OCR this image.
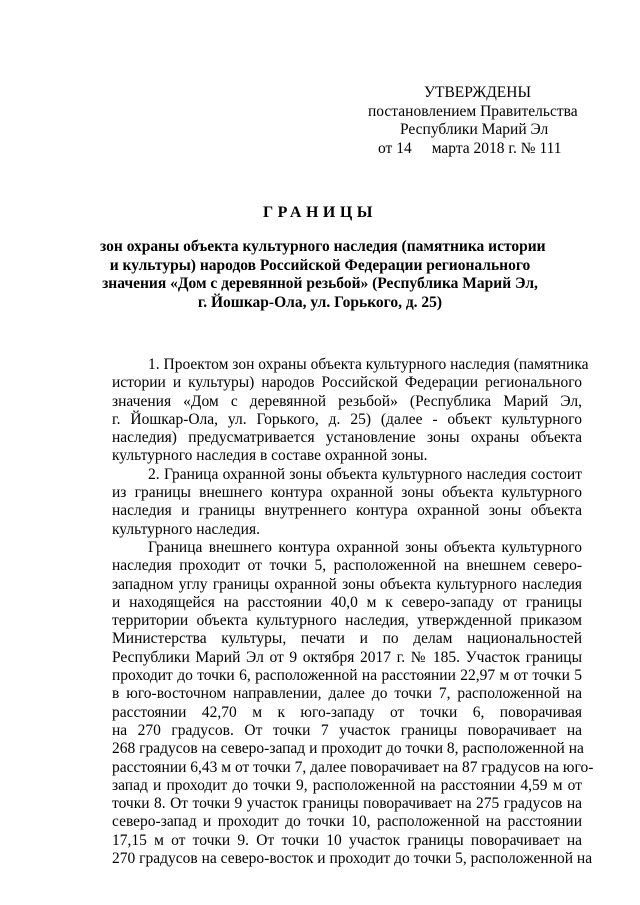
УТВЕРЖДЕНЫ
постановлением Правительства
Республики Марий Эл
от 14 марта 2018 г. № 111
ГРАНИЦЫ
зон охраны объекта культурного наследия (памятника истории
и культуры) народов Российской Федерации регионального
значения «Дом с деревянной резьбой» (Республика Марий Эл,
г. Йошкар-Ола, ул. Горького, д. 25)
1. Проектом зон охраны объекта культурного наследия (памятника
истории и культуры) народов Российской Федерации регионального
значения «Дом с деревянной резьбой» (Республика Марий Эл,
г. Йошкар-Ола, ул. Горького, д. 25) (далее - объект культурного
наследия) предусматривается установление зоны охраны объекта
культурного наследия в составе охранной зоны.
2. Граница охранной зоны объекта культурного наследия состоит
из границы внешнего контура охранной зоны объекта культурного
наследия и границы внутреннего контура охранной зоны объекта
культурного наследия.
Граница внешнего контура охранной зоны объекта культурного
наследия проходит от точки 5, расположенной на внешнем северо-
западном углу границы охранной зоны объекта культурного наследия
и находящейся на расстоянии 40,0 м к северо-западу от границы
территории объекта культурного наследия, утвержденной приказом
Министерства культуры, печати и по делам национальностей
Республики Марий Эл от 9 октября 2017 г. № 185. Участок границы
проходит до точки 6, расположенной на расстоянии 22,97 м от точки 5
в юго-восточном направлении, далее до точки 7, расположенной на
расстоянии 42,70 м к юго-западу от точки 6, поворачивая
на 270 градусов. От точки 7 участок границы поворачивает на
268 градусов на северо-запад и проходит до точки 8, расположенной на
расстоянии 6,43 м от точки 7, далее поворачивает на 87 градусов на юго-
запад и проходит до точки 9, расположенной на расстоянии 4,59 м от
точки 8. От точки 9 участок границы поворачивает на 275 градусов на
северо-запад и проходит до точки 10, расположенной на расстоянии
17,15 м от точки 9. От точки 10 участок границы поворачивает на
270 градусов на северо-восток и проходит до точки 5, расположенной на
